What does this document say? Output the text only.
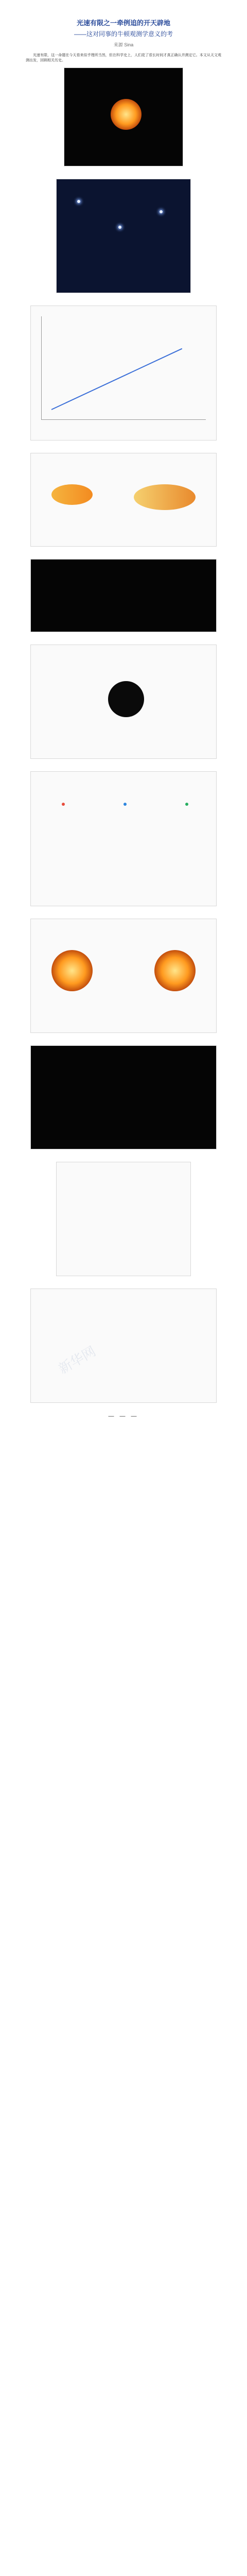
光速有限之一牵例追的开天辟地
——这对同事的牛顿观测学意义的考
来源 Sina

光速有限，这一命题在今天看来似乎理所当然，但在科学史上，人们花了很长时间才真正确认并测定它。本文从天文观测出发，回顾相关历史。

— — —
新华网
